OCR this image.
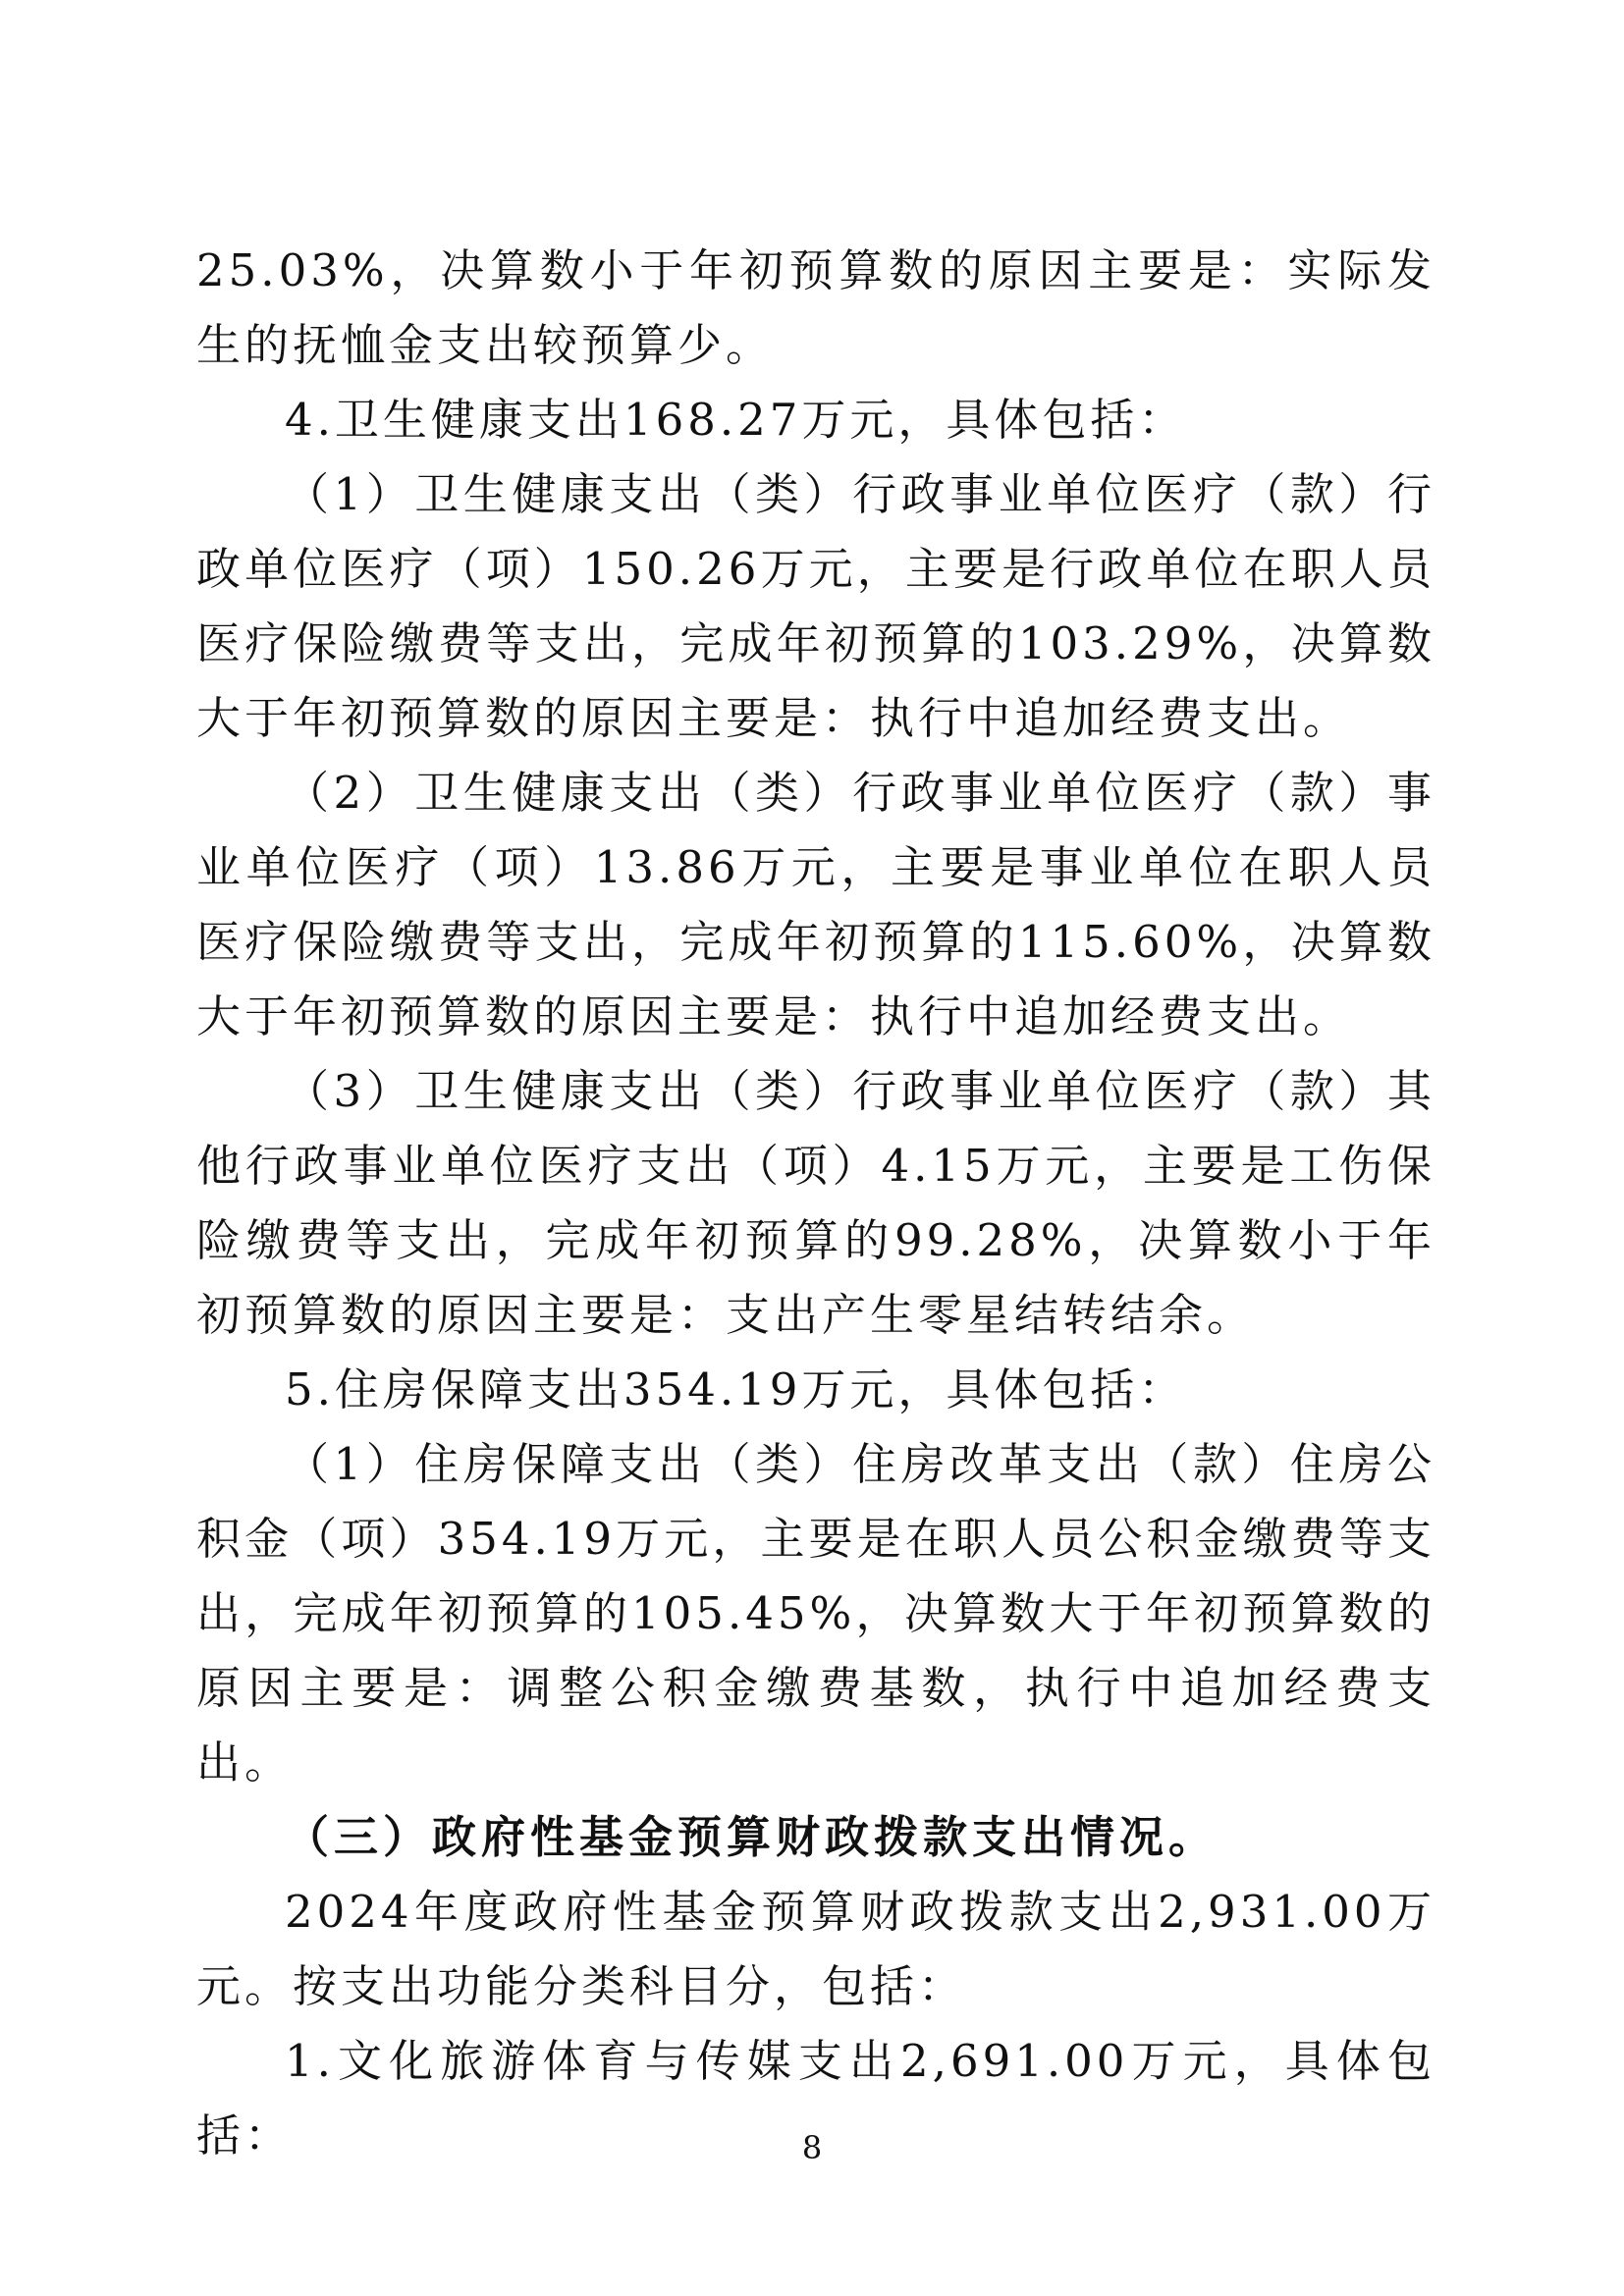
25.03%，决算数小于年初预算数的原因主要是：实际发生的抚恤金支出较预算少。

4.卫生健康支出168.27万元，具体包括：

（1）卫生健康支出（类）行政事业单位医疗（款）行政单位医疗（项）150.26万元，主要是行政单位在职人员医疗保险缴费等支出，完成年初预算的103.29%，决算数大于年初预算数的原因主要是：执行中追加经费支出。

（2）卫生健康支出（类）行政事业单位医疗（款）事业单位医疗（项）13.86万元，主要是事业单位在职人员医疗保险缴费等支出，完成年初预算的115.60%，决算数大于年初预算数的原因主要是：执行中追加经费支出。

（3）卫生健康支出（类）行政事业单位医疗（款）其他行政事业单位医疗支出（项）4.15万元，主要是工伤保险缴费等支出，完成年初预算的99.28%，决算数小于年初预算数的原因主要是：支出产生零星结转结余。

5.住房保障支出354.19万元，具体包括：

（1）住房保障支出（类）住房改革支出（款）住房公积金（项）354.19万元，主要是在职人员公积金缴费等支出，完成年初预算的105.45%，决算数大于年初预算数的原因主要是：调整公积金缴费基数，执行中追加经费支出。

（三）政府性基金预算财政拨款支出情况。

2024年度政府性基金预算财政拨款支出2,931.00万元。按支出功能分类科目分，包括：

1.文化旅游体育与传媒支出2,691.00万元，具体包括：	8
